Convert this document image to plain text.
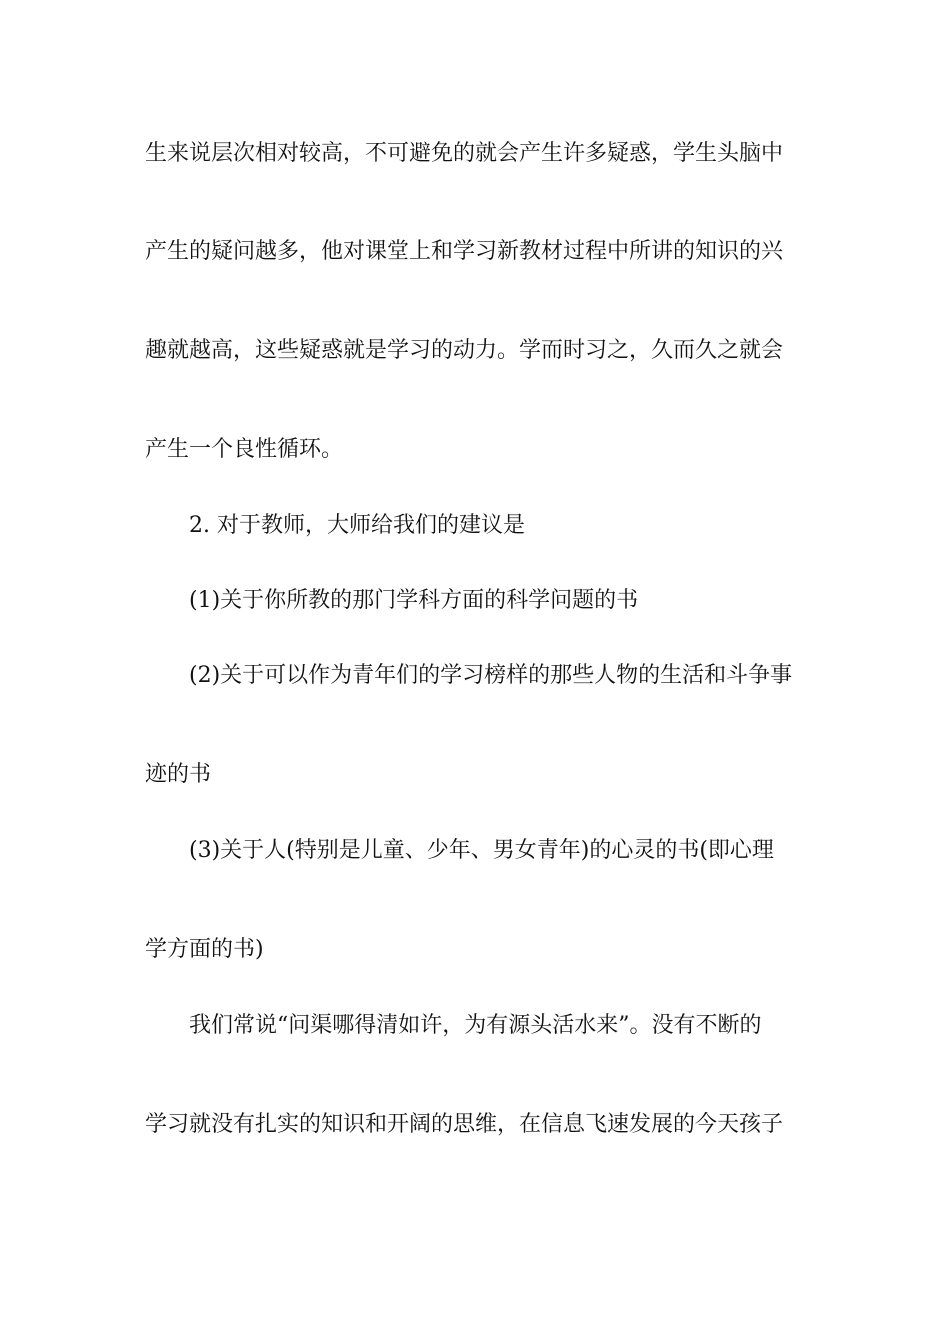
生来说层次相对较高，不可避免的就会产生许多疑惑，学生头脑中
产生的疑问越多，他对课堂上和学习新教材过程中所讲的知识的兴
趣就越高，这些疑惑就是学习的动力。学而时习之，久而久之就会
产生一个良性循环。
2. 对于教师，大师给我们的建议是
(1)关于你所教的那门学科方面的科学问题的书
(2)关于可以作为青年们的学习榜样的那些人物的生活和斗争事
迹的书
(3)关于人(特别是儿童、少年、男女青年)的心灵的书(即心理
学方面的书)
我们常说“问渠哪得清如许，为有源头活水来”。没有不断的
学习就没有扎实的知识和开阔的思维，在信息飞速发展的今天孩子
